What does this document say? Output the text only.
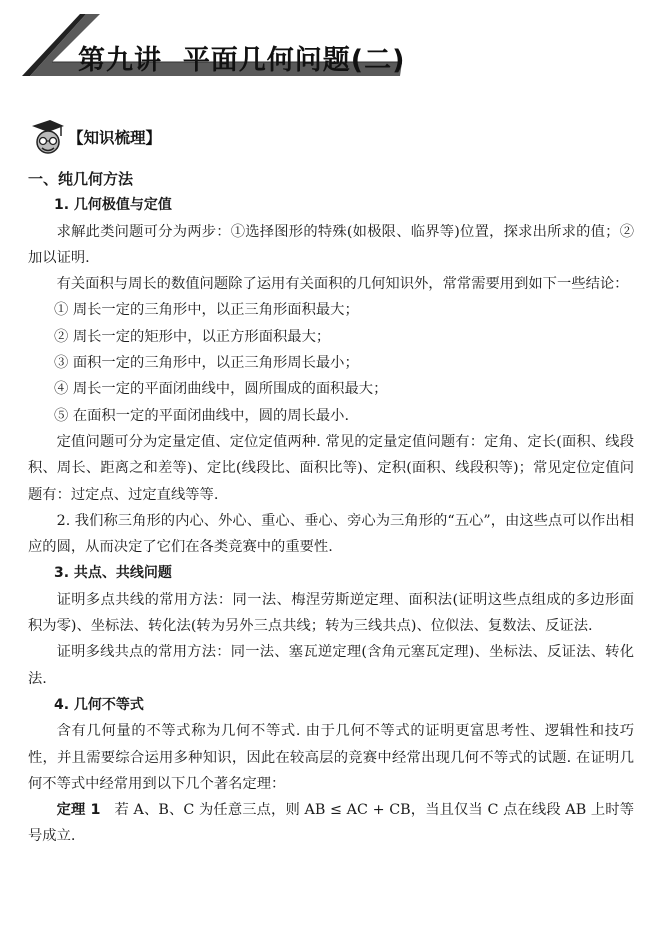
第九讲 平面几何问题(二)
【知识梳理】

一、纯几何方法

1. 几何极值与定值

求解此类问题可分为两步：①选择图形的特殊(如极限、临界等)位置，探求出所求的值；②加以证明.

有关面积与周长的数值问题除了运用有关面积的几何知识外，常常需要用到如下一些结论：

① 周长一定的三角形中，以正三角形面积最大；

② 周长一定的矩形中，以正方形面积最大；

③ 面积一定的三角形中，以正三角形周长最小；

④ 周长一定的平面闭曲线中，圆所围成的面积最大；

⑤ 在面积一定的平面闭曲线中，圆的周长最小.

定值问题可分为定量定值、定位定值两种. 常见的定量定值问题有：定角、定长(面积、线段积、周长、距离之和差等)、定比(线段比、面积比等)、定积(面积、线段积等)；常见定位定值问题有：过定点、过定直线等等.

2. 我们称三角形的内心、外心、重心、垂心、旁心为三角形的“五心”，由这些点可以作出相应的圆，从而决定了它们在各类竞赛中的重要性.

3. 共点、共线问题

证明多点共线的常用方法：同一法、梅涅劳斯逆定理、面积法(证明这些点组成的多边形面积为零)、坐标法、转化法(转为另外三点共线；转为三线共点)、位似法、复数法、反证法.

证明多线共点的常用方法：同一法、塞瓦逆定理(含角元塞瓦定理)、坐标法、反证法、转化法.

4. 几何不等式

含有几何量的不等式称为几何不等式. 由于几何不等式的证明更富思考性、逻辑性和技巧性，并且需要综合运用多种知识，因此在较高层的竞赛中经常出现几何不等式的试题. 在证明几何不等式中经常用到以下几个著名定理：

定理 1 若 A、B、C 为任意三点，则 AB ≤ AC + CB，当且仅当 C 点在线段 AB 上时等号成立.
